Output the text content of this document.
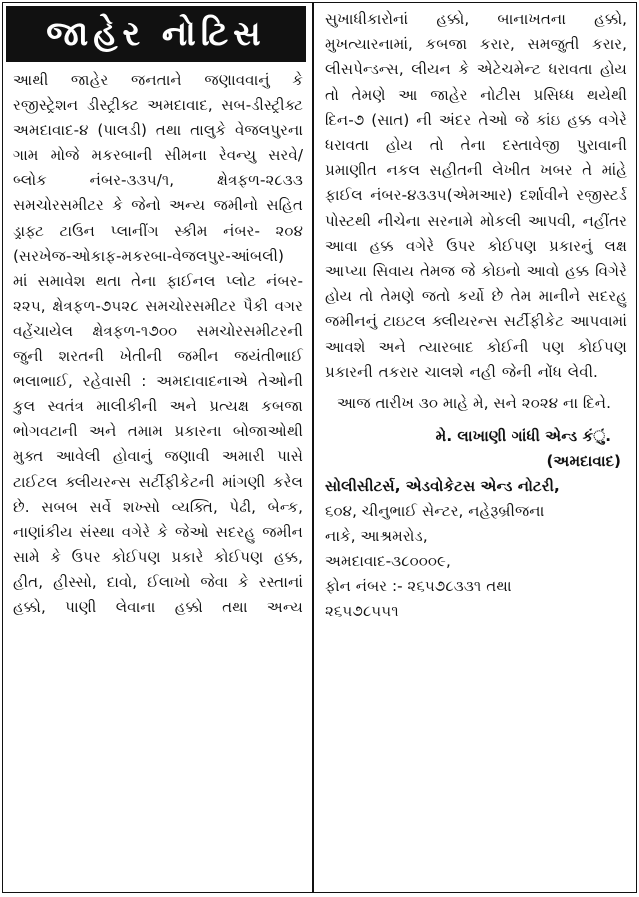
જાહેર નોટિસ
આથી જાહેર જનતાને જણાવવાનું કે રજીસ્ટ્રેશન ડીસ્ટ્રીક્ટ અમદાવાદ, સબ-ડીસ્ટ્રીક્ટ અમદાવાદ-૪ (પાલડી) તથા તાલુકે વેજલપુરના ગામ મોજે મકરબાની સીમના રેવન્યુ સરવે/બ્લોક નંબર-૩૩૫/૧, ક્ષેત્રફળ-૨૮૩૩ સમચોરસમીટર કે જેનો અન્ય જમીનો સહિત ડ્રાફ્ટ ટાઉન પ્લાનીંગ સ્કીમ નંબર- ૨૦૪ (સરખેજ-ઓકાફ-મકરબા-વેજલપુર-આંબલી) માં સમાવેશ થતા તેના ફાઈનલ પ્લોટ નંબર- ૨૨૫, ક્ષેત્રફળ-૭૫૨૮ સમચોરસમીટર પૈકી વગર વહેંચાયેલ ક્ષેત્રફળ-૧૭૦૦ સમચોરસમીટરની જુની શરતની ખેતીની જમીન જયંતીભાઈ ભલાભાઈ, રહેવાસી : અમદાવાદનાએ તેઓની કુલ સ્વતંત્ર માલીકીની અને પ્રત્યક્ષ કબજા ભોગવટાની અને તમામ પ્રકારના બોજાઓથી મુક્ત આવેલી હોવાનું જણાવી અમારી પાસે ટાઈટલ ક્લીયરન્સ સર્ટીફીકેટની માંગણી કરેલ છે. સબબ સર્વે શખ્સો વ્યક્તિ, પેઢી, બેન્ક, નાણાંકીય સંસ્થા વગેરે કે જેઓ સદરહુ જમીન સામે કે ઉપર કોઈપણ પ્રકારે કોઈપણ હક્ક, હીત, હીસ્સો, દાવો, ઈલાખો જેવા કે રસ્તાનાં હક્કો, પાણી લેવાના હક્કો તથા અન્ય
સુખાધીકારોનાં હક્કો, બાનાખતના હક્કો, મુખત્યારનામાં, કબજા કરાર, સમજુતી કરાર, લીસપેન્ડન્સ, લીયન કે એટેચમેન્ટ ધરાવતા હોય તો તેમણે આ જાહેર નોટીસ પ્રસિધ્ધ થયેથી દિન-૭ (સાત) ની અંદર તેઓ જે કાંઇ હક્ક વગેરે ધરાવતા હોય તો તેના દસ્તાવેજી પુરાવાની પ્રમાણીત નકલ સહીતની લેખીત ખબર તે માંહે ફાઈલ નંબર-૪૩૩૫(એમઆર) દર્શાવીને રજીસ્ટર્ડ પોસ્ટથી નીચેના સરનામે મોકલી આપવી, નહીંતર આવા હક્ક વગેરે ઉપર કોઈપણ પ્રકારનું લક્ષ આપ્યા સિવાય તેમજ જે કોઇનો આવો હક્ક વિગેરે હોય તો તેમણે જતો કર્યો છે તેમ માનીને સદરહુ જમીનનું ટાઇટલ ક્લીયરન્સ સર્ટીફીકેટ આપવામાં આવશે અને ત્યારબાદ કોઈની પણ કોઈપણ પ્રકારની તકરાર ચાલશે નહી જેની નોંધ લેવી.
આજ તારીખ ૩૦ માહે મે, સને ૨૦૨૪ ના દિને.
મે. લાખાણી ગાંધી એન્ડ કંું.
(અમદાવાદ)
સોલીસીટર્સ, એડવોકેટસ એન્ડ નોટરી,
૬૦૪, ચીનુભાઈ સેન્ટર, નહેરૂબ્રીજના
નાકે, આશ્રમરોડ,
અમદાવાદ-૩૮૦૦૦૯,
ફોન નંબર :- ૨૬૫૭૮૩૩૧ તથા
૨૬૫૭૮૫૫૧
